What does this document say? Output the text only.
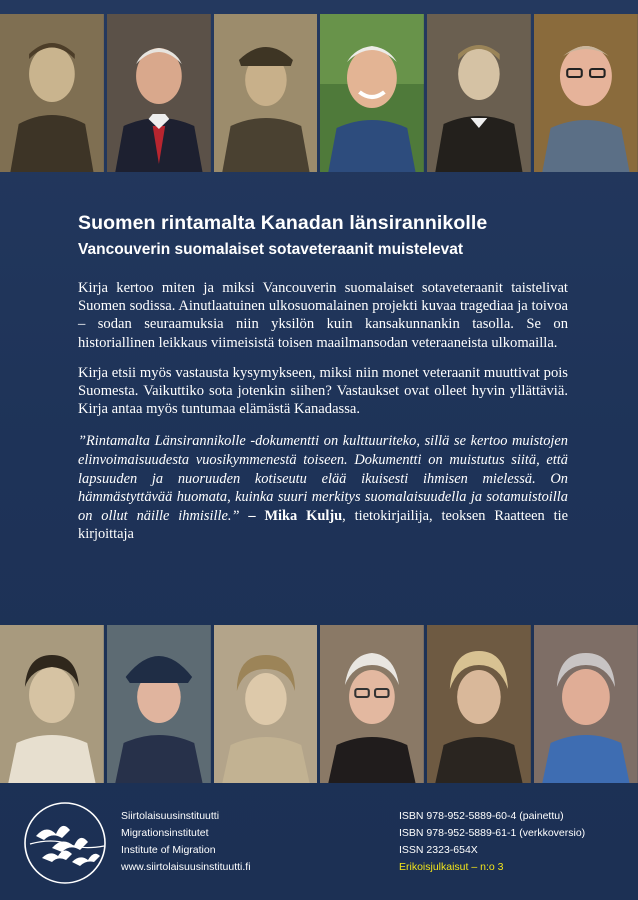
Suomen rintamalta Kanadan länsirannikolle
Vancouverin suomalaiset sotaveteraanit muistelevat

Kirja kertoo miten ja miksi Vancouverin suomalaiset sotaveteraanit taistelivat Suomen sodissa. Ainutlaatuinen ulkosuomalainen projekti kuvaa tragediaa ja toivoa – sodan seuraamuksia niin yksilön kuin kansakunnankin tasolla. Se on historiallinen leikkaus viimeisistä toisen maailmansodan veteraaneista ulkomailla.

Kirja etsii myös vastausta kysymykseen, miksi niin monet veteraanit muuttivat pois Suomesta. Vaikuttiko sota jotenkin siihen? Vastaukset ovat olleet hyvin yllättäviä. Kirja antaa myös tuntumaa elämästä Kanadassa.

”Rintamalta Länsirannikolle -dokumentti on kulttuuriteko, sillä se kertoo muistojen elinvoimaisuudesta vuosikymmenestä toiseen. Dokumentti on muistutus siitä, että lapsuuden ja nuoruuden kotiseutu elää ikuisesti ihmisen mielessä. On hämmästyttävää huomata, kuinka suuri merkitys suomalaisuudella ja sotamuistoilla on ollut näille ihmisille.” – Mika Kulju, tietokirjailija, teoksen Raatteen tie kirjoittaja

Siirtolaisuusinstituutti
Migrationsinstitutet
Institute of Migration
www.siirtolaisuusinstituutti.fi
ISBN 978-952-5889-60-4 (painettu)
ISBN 978-952-5889-61-1 (verkkoversio)
ISSN 2323-654X
Erikoisjulkaisut – n:o 3
